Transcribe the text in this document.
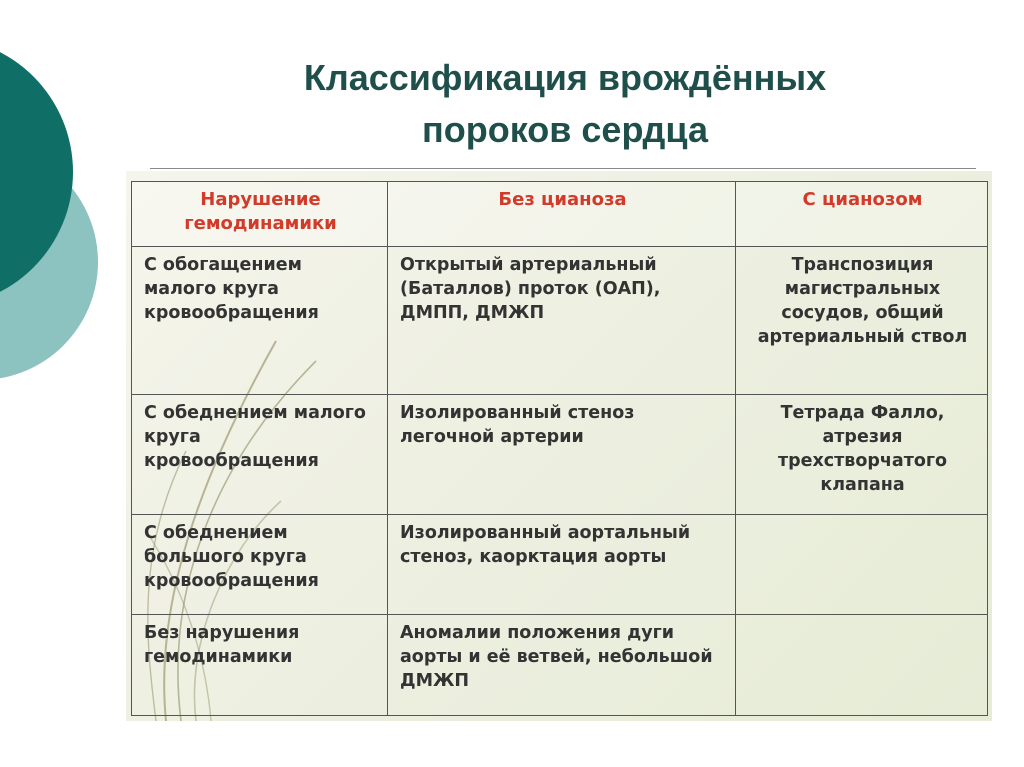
Классификация врождённых
пороков сердца
Нарушение гемодинамики	Без цианоза	С цианозом
С обогащением малого круга кровообращения	Открытый артериальный (Баталлов) проток (ОАП), ДМПП, ДМЖП	Транспозиция магистральных сосудов, общий артериальный ствол
С обеднением малого круга кровообращения	Изолированный стеноз легочной артерии	Тетрада Фалло, атрезия трехстворчатого клапана
С обеднением большого круга кровообращения	Изолированный аортальный стеноз, каорктация аорты	
Без нарушения гемодинамики	Аномалии положения дуги аорты и её ветвей, небольшой ДМЖП	
